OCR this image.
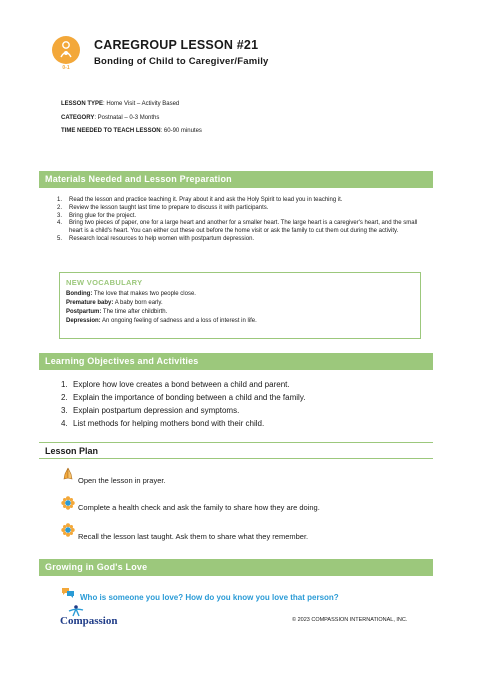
0-1
CAREGROUP LESSON #21
Bonding of Child to Caregiver/Family
LESSON TYPE: Home Visit – Activity Based
CATEGORY: Postnatal – 0-3 Months
TIME NEEDED TO TEACH LESSON: 60-90 minutes
Materials Needed and Lesson Preparation
1.	Read the lesson and practice teaching it. Pray about it and ask the Holy Spirit to lead you in teaching it.
2.	Review the lesson taught last time to prepare to discuss it with participants.
3.	Bring glue for the project.
4.	Bring two pieces of paper, one for a large heart and another for a smaller heart. The large heart is a caregiver's heart, and the small heart is a child's heart. You can either cut these out before the home visit or ask the family to cut them out during the activity.
5.	Research local resources to help women with postpartum depression.
NEW VOCABULARY
Bonding: The love that makes two people close.
Premature baby: A baby born early.
Postpartum: The time after childbirth.
Depression: An ongoing feeling of sadness and a loss of interest in life.
Learning Objectives and Activities
1. Explore how love creates a bond between a child and parent.
2. Explain the importance of bonding between a child and the family.
3. Explain postpartum depression and symptoms.
4. List methods for helping mothers bond with their child.
Lesson Plan
Open the lesson in prayer.
Complete a health check and ask the family to share how they are doing.
Recall the lesson last taught. Ask them to share what they remember.
Growing in God's Love
Who is someone you love? How do you know you love that person?
Compassion	© 2023 COMPASSION INTERNATIONAL, INC.
